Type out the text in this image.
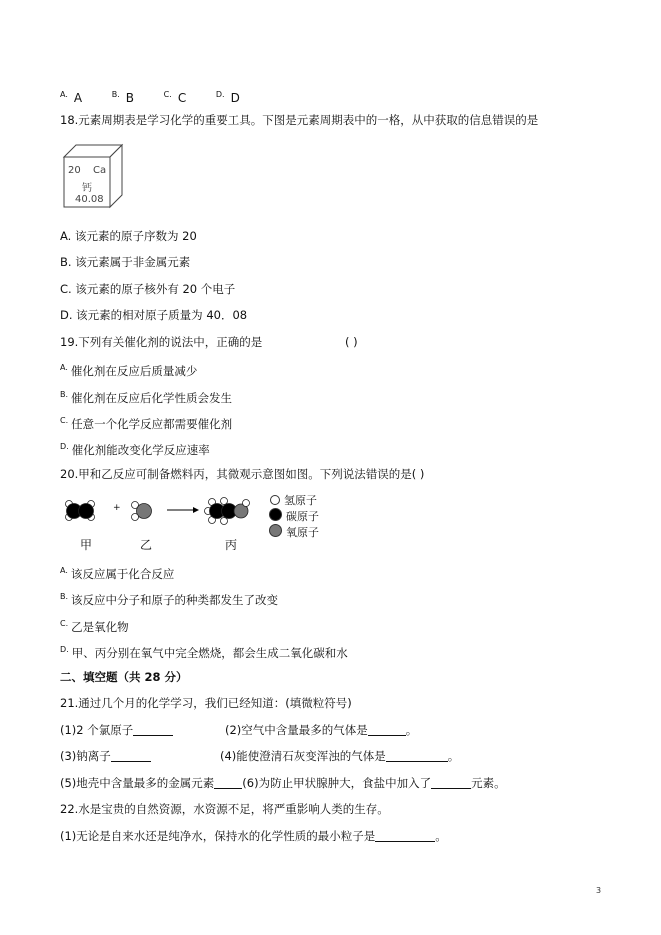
$^{A.}$ A	$^{B.}$ B	$^{C.}$ C	$^{D.}$ D
18.元素周期表是学习化学的重要工具。下图是元素周期表中的一格，从中获取的信息错误的是
20 Ca
钙
40.08
A. 该元素的原子序数为 20
B. 该元素属于非金属元素
C. 该元素的原子核外有 20 个电子
D. 该元素的相对原子质量为 40．08
19.下列有关催化剂的说法中，正确的是	( )
$^{A.}$ 催化剂在反应后质量减少
$^{B.}$ 催化剂在反应后化学性质会发生
$^{C.}$ 任意一个化学反应都需要催化剂
$^{D.}$ 催化剂能改变化学反应速率
20.甲和乙反应可制备燃料丙，其微观示意图如图。下列说法错误的是( )
+
甲	乙	丙
氢原子
碳原子
氧原子
$^{A.}$ 该反应属于化合反应
$^{B.}$ 该反应中分子和原子的种类都发生了改变
$^{C.}$ 乙是氧化物
$^{D.}$ 甲、丙分别在氧气中完全燃烧，都会生成二氧化碳和水
二、填空题（共 28 分）
21.通过几个月的化学学习，我们已经知道：(填微粒符号)
(1)2 个氯原子	(2)空气中含量最多的气体是	。
(3)钠离子	(4)能使澄清石灰变浑浊的气体是	。
(5)地壳中含量最多的金属元素 (6)为防止甲状腺肿大，食盐中加入了	元素。
22.水是宝贵的自然资源，水资源不足，将严重影响人类的生存。
(1)无论是自来水还是纯净水，保持水的化学性质的最小粒子是	。
3
